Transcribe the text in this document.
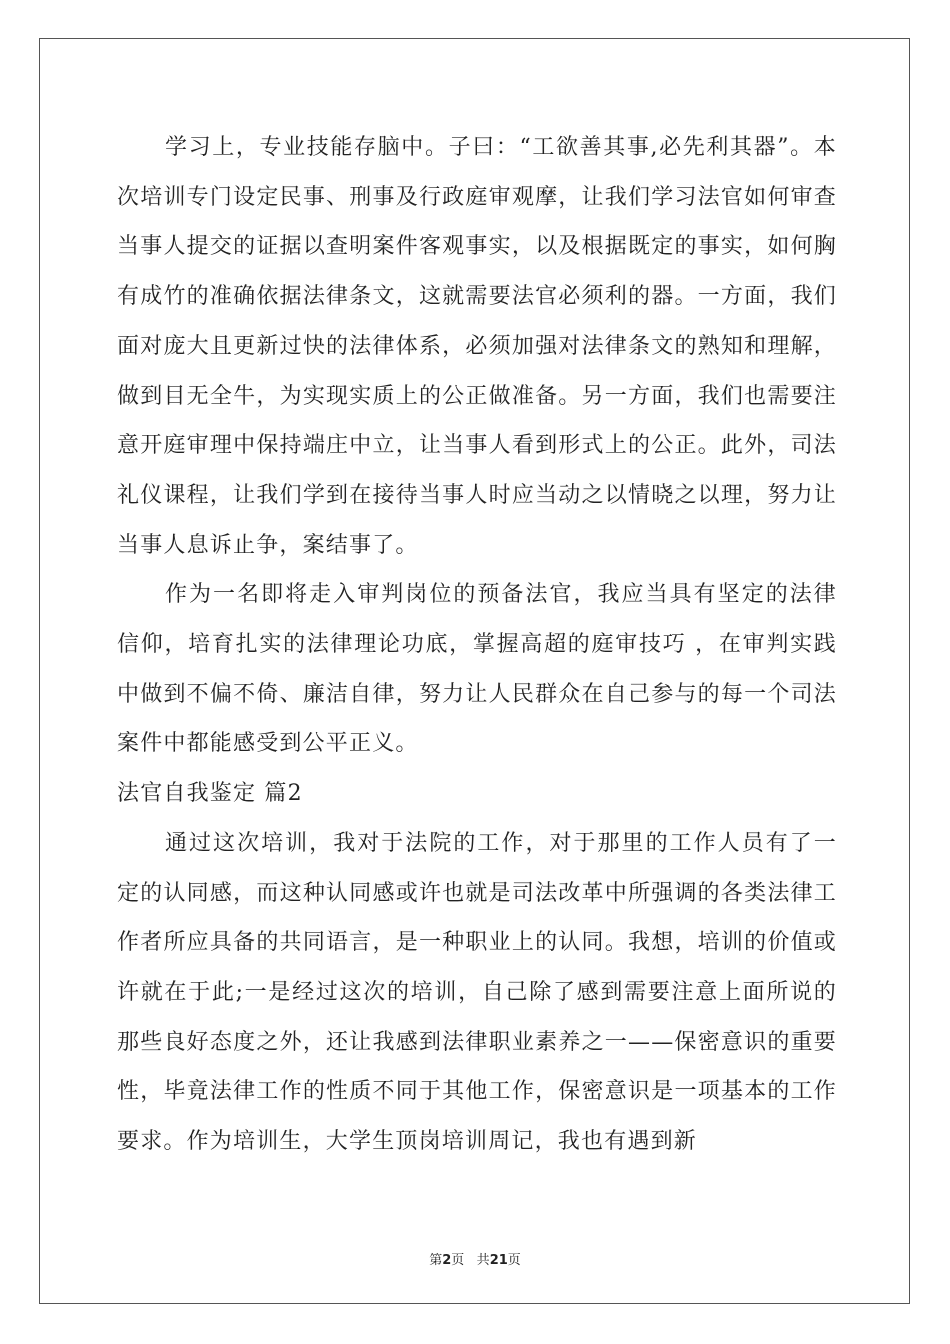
学习上，专业技能存脑中。子曰：“工欲善其事,必先利其器”。本次培训专门设定民事、刑事及行政庭审观摩，让我们学习法官如何审查当事人提交的证据以查明案件客观事实，以及根据既定的事实，如何胸有成竹的准确依据法律条文，这就需要法官必须利的器。一方面，我们面对庞大且更新过快的法律体系，必须加强对法律条文的熟知和理解，做到目无全牛，为实现实质上的公正做准备。另一方面，我们也需要注意开庭审理中保持端庄中立，让当事人看到形式上的公正。此外，司法礼仪课程，让我们学到在接待当事人时应当动之以情晓之以理，努力让当事人息诉止争，案结事了。

作为一名即将走入审判岗位的预备法官，我应当具有坚定的法律信仰，培育扎实的法律理论功底，掌握高超的庭审技巧 ，在审判实践中做到不偏不倚、廉洁自律，努力让人民群众在自己参与的每一个司法案件中都能感受到公平正义。

法官自我鉴定 篇2

通过这次培训，我对于法院的工作，对于那里的工作人员有了一定的认同感，而这种认同感或许也就是司法改革中所强调的各类法律工作者所应具备的共同语言，是一种职业上的认同。我想，培训的价值或许就在于此;一是经过这次的培训，自己除了感到需要注意上面所说的那些良好态度之外，还让我感到法律职业素养之一——保密意识的重要性，毕竟法律工作的性质不同于其他工作，保密意识是一项基本的工作要求。作为培训生，大学生顶岗培训周记，我也有遇到新

第2页 共21页
